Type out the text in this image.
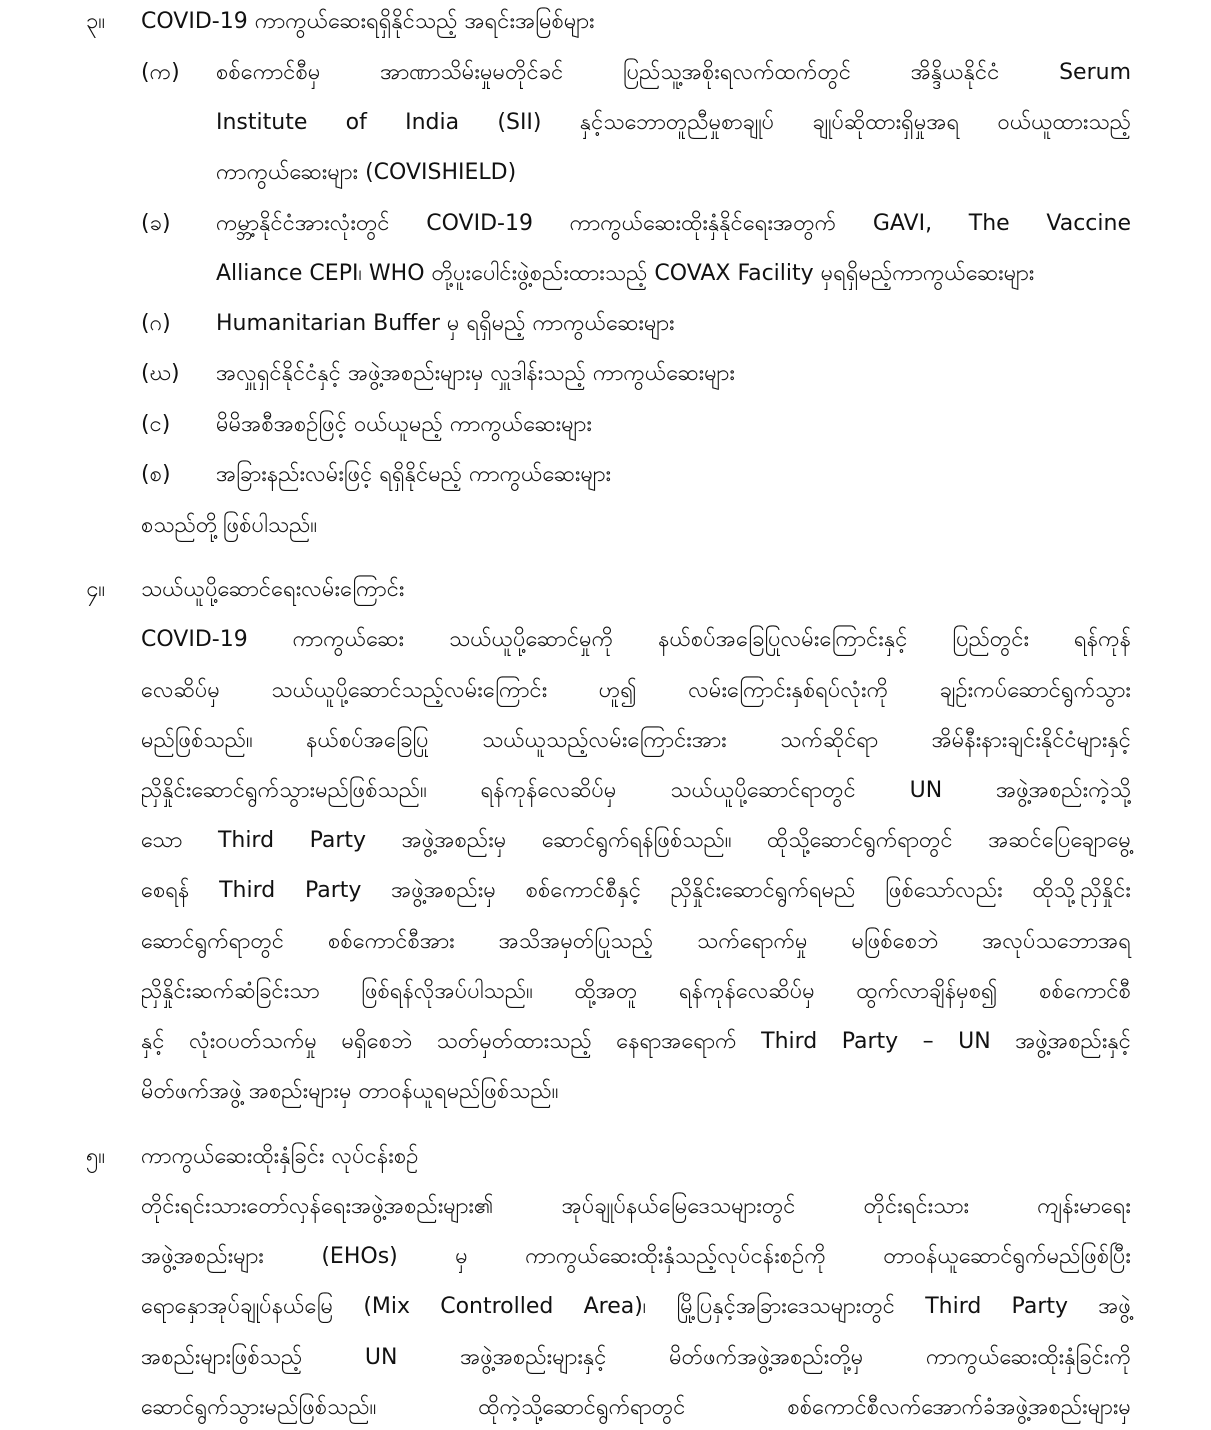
၃။ COVID-19 ကာကွယ်ဆေးရရှိနိုင်သည့် အရင်းအမြစ်များ
(က) စစ်ကောင်စီမှ အာဏာသိမ်းမှုမတိုင်ခင် ပြည်သူ့အစိုးရလက်ထက်တွင် အိန္ဒိယနိုင်ငံ Serum
Institute of India (SII) နှင့်သဘောတူညီမှုစာချုပ် ချုပ်ဆိုထားရှိမှုအရ ဝယ်ယူထားသည့်
ကာကွယ်ဆေးများ (COVISHIELD)
(ခ) ကမ္ဘာ့နိုင်ငံအားလုံးတွင် COVID-19 ကာကွယ်ဆေးထိုးနှံနိုင်ရေးအတွက် GAVI, The Vaccine
Alliance CEPI၊ WHO တို့ပူးပေါင်းဖွဲ့စည်းထားသည့် COVAX Facility မှရရှိမည့်ကာကွယ်ဆေးများ
(ဂ) Humanitarian Buffer မှ ရရှိမည့် ကာကွယ်ဆေးများ
(ဃ) အလှူရှင်နိုင်ငံနှင့် အဖွဲ့အစည်းများမှ လှူဒါန်းသည့် ကာကွယ်ဆေးများ
(င) မိမိအစီအစဉ်ဖြင့် ဝယ်ယူမည့် ကာကွယ်ဆေးများ
(စ) အခြားနည်းလမ်းဖြင့် ရရှိနိုင်မည့် ကာကွယ်ဆေးများ
စသည်တို့ဖြစ်ပါသည်။
၄။ သယ်ယူပို့ဆောင်ရေးလမ်းကြောင်း
COVID-19 ကာကွယ်ဆေး သယ်ယူပို့ဆောင်မှုကို နယ်စပ်အခြေပြုလမ်းကြောင်းနှင့် ပြည်တွင်း ရန်ကုန်
လေဆိပ်မှ သယ်ယူပို့ဆောင်သည့်လမ်းကြောင်း ဟူ၍ လမ်းကြောင်းနှစ်ရပ်လုံးကို ချဉ်းကပ်ဆောင်ရွက်သွား
မည်ဖြစ်သည်။ နယ်စပ်အခြေပြု သယ်ယူသည့်လမ်းကြောင်းအား သက်ဆိုင်ရာ အိမ်နီးနားချင်းနိုင်ငံများနှင့်
ညှိနှိုင်းဆောင်ရွက်သွားမည်ဖြစ်သည်။ ရန်ကုန်လေဆိပ်မှ သယ်ယူပို့ဆောင်ရာတွင် UN အဖွဲ့အစည်းကဲ့သို့
သော Third Party အဖွဲ့အစည်းမှ ဆောင်ရွက်ရန်ဖြစ်သည်။ ထိုသို့ဆောင်ရွက်ရာတွင် အဆင်ပြေချောမွေ့
စေရန် Third Party အဖွဲ့အစည်းမှ စစ်ကောင်စီနှင့် ညှိနှိုင်းဆောင်ရွက်ရမည် ဖြစ်သော်လည်း ထိုသို့ညှိနှိုင်း
ဆောင်ရွက်ရာတွင် စစ်ကောင်စီအား အသိအမှတ်ပြုသည့် သက်ရောက်မှု မဖြစ်စေဘဲ အလုပ်သဘောအရ
ညှိနှိုင်းဆက်ဆံခြင်းသာ ဖြစ်ရန်လိုအပ်ပါသည်။ ထို့အတူ ရန်ကုန်လေဆိပ်မှ ထွက်လာချိန်မှစ၍ စစ်ကောင်စီ
နှင့် လုံးဝပတ်သက်မှု မရှိစေဘဲ သတ်မှတ်ထားသည့် နေရာအရောက် Third Party – UN အဖွဲ့အစည်းနှင့်
မိတ်ဖက်အဖွဲ့ အစည်းများမှ တာဝန်ယူရမည်ဖြစ်သည်။
၅။ ကာကွယ်ဆေးထိုးနှံခြင်း လုပ်ငန်းစဉ်
တိုင်းရင်းသားတော်လှန်ရေးအဖွဲ့အစည်းများ၏ အုပ်ချုပ်နယ်မြေဒေသများတွင် တိုင်းရင်းသား ကျန်းမာရေး
အဖွဲ့အစည်းများ (EHOs) မှ ကာကွယ်ဆေးထိုးနှံသည့်လုပ်ငန်းစဉ်ကို တာဝန်ယူဆောင်ရွက်မည်ဖြစ်ပြီး
ရောနှောအုပ်ချုပ်နယ်မြေ (Mix Controlled Area)၊ မြို့ပြနှင့်အခြားဒေသများတွင် Third Party အဖွဲ့
အစည်းများဖြစ်သည့် UN အဖွဲ့အစည်းများနှင့် မိတ်ဖက်အဖွဲ့အစည်းတို့မှ ကာကွယ်ဆေးထိုးနှံခြင်းကို
ဆောင်ရွက်သွားမည်ဖြစ်သည်။ ထိုကဲ့သို့ဆောင်ရွက်ရာတွင် စစ်ကောင်စီလက်အောက်ခံအဖွဲ့အစည်းများမှ
